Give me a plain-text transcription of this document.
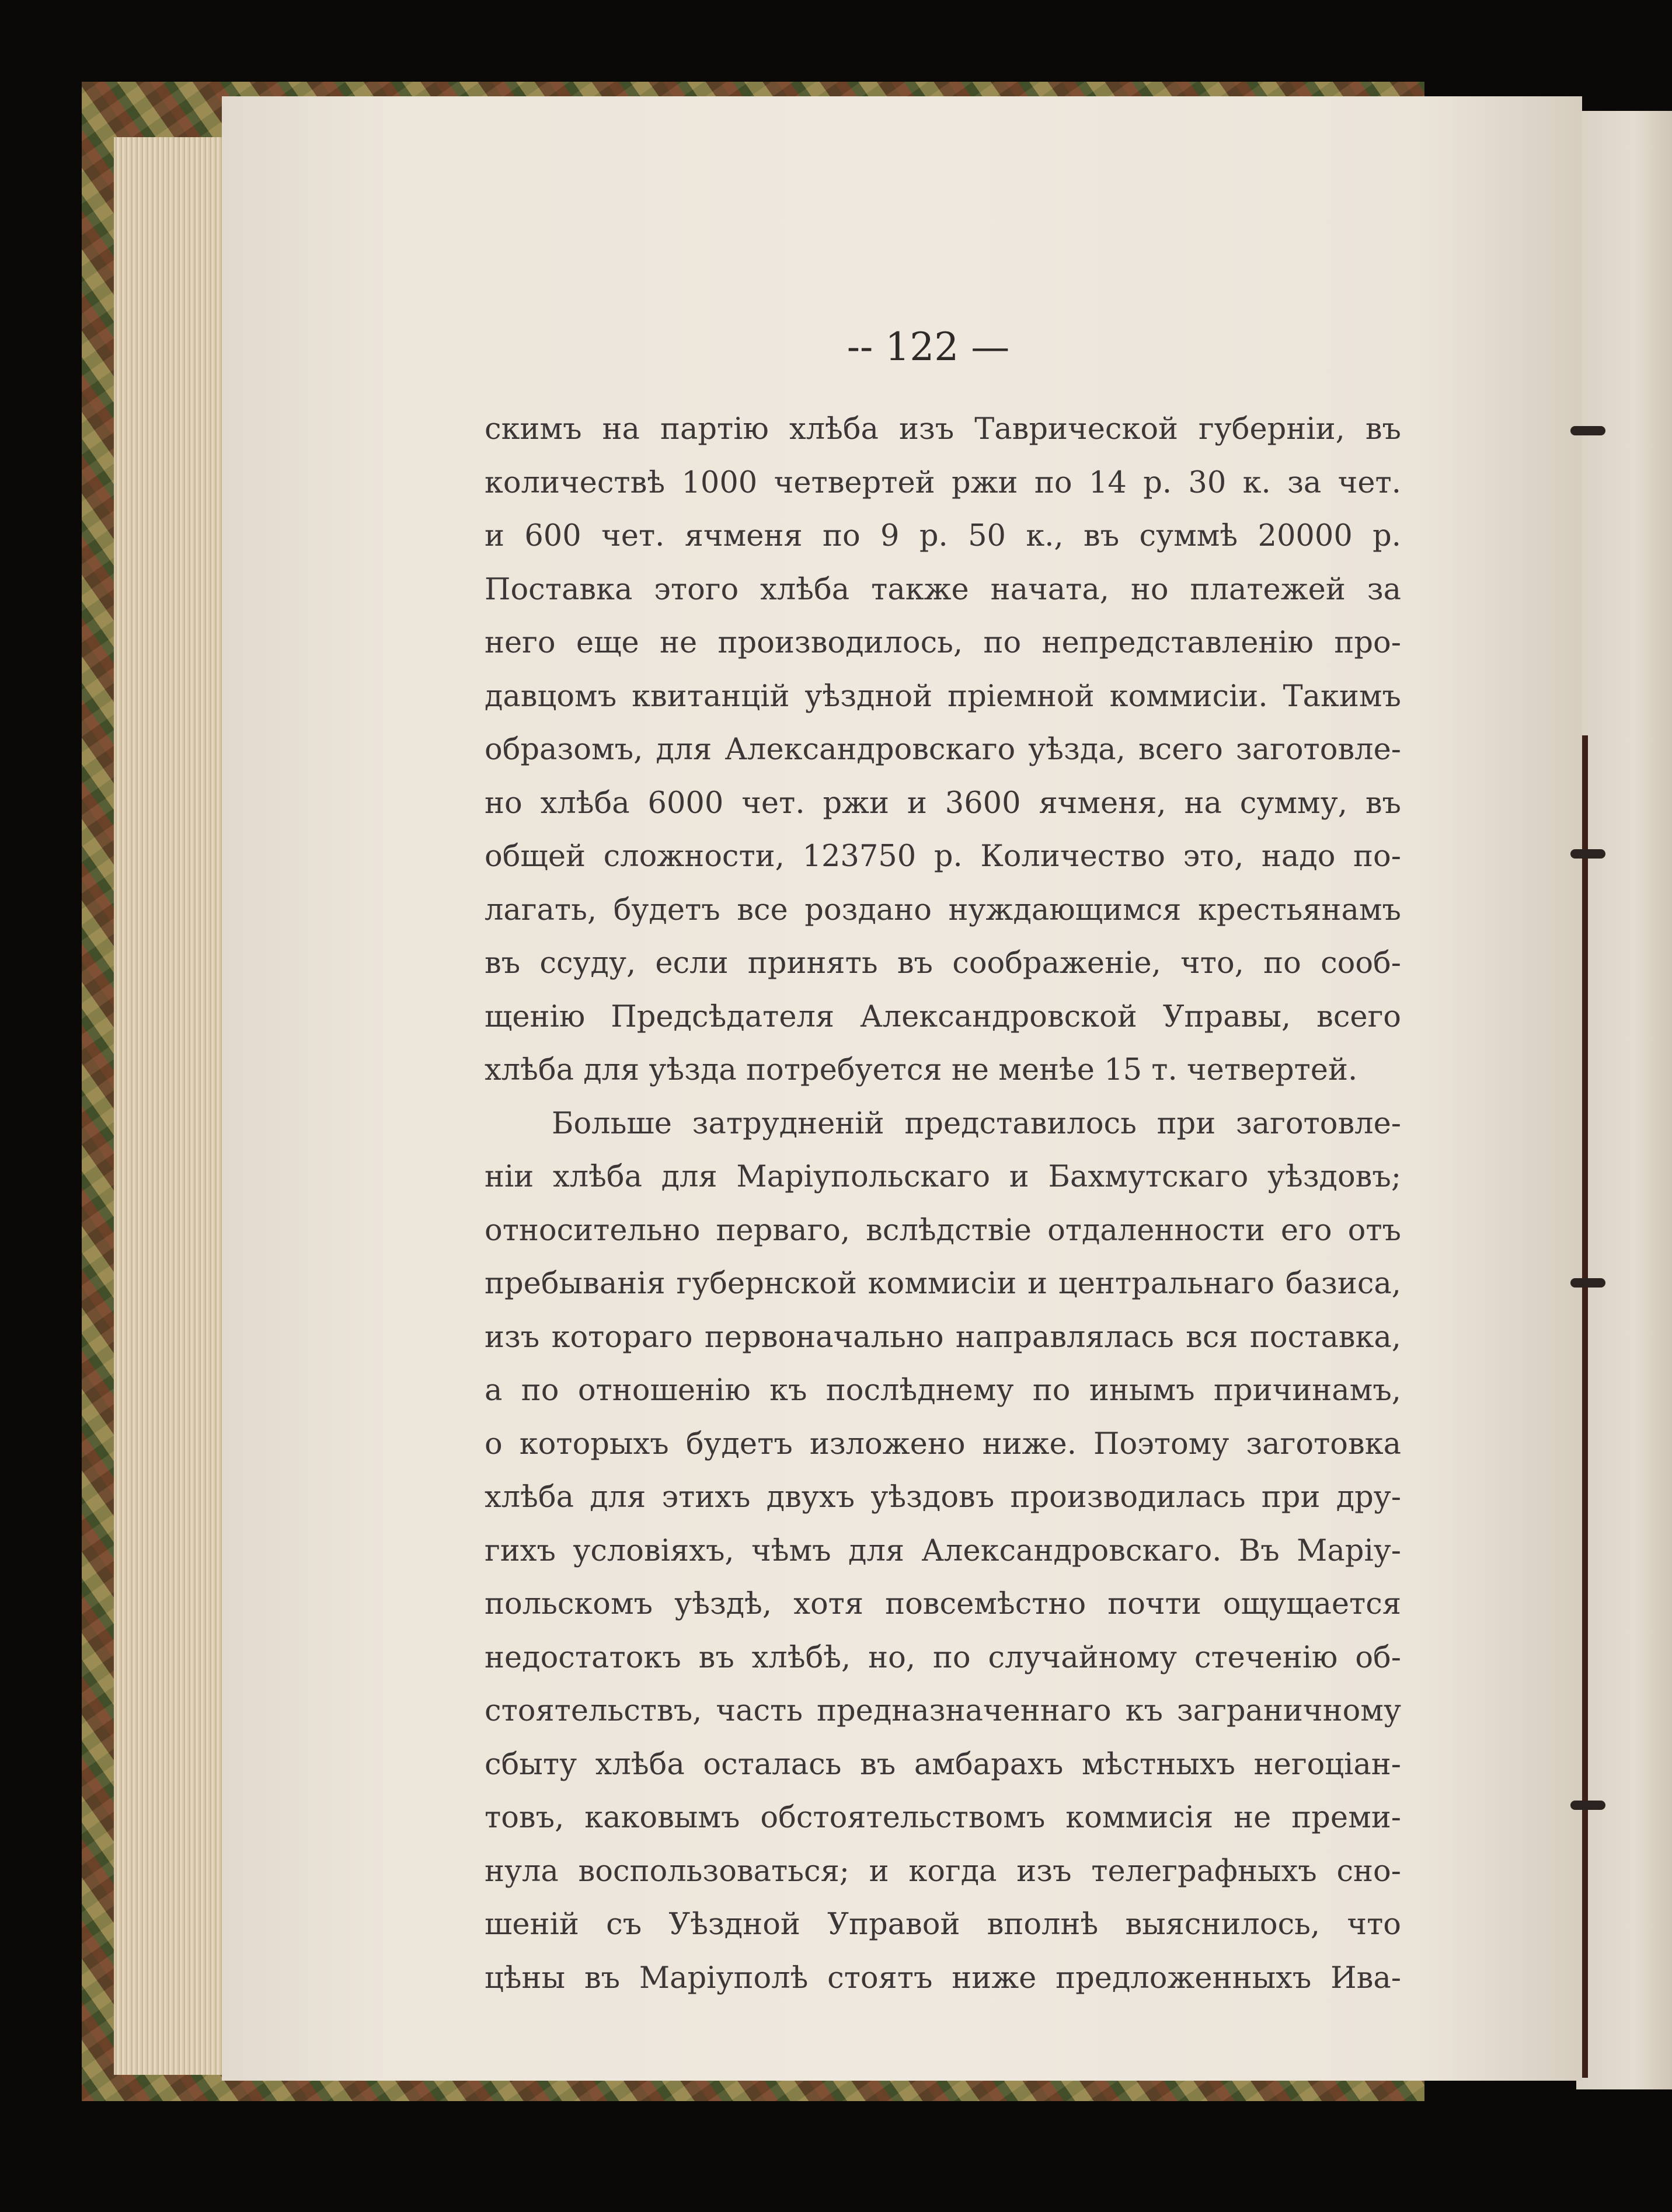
-- 122 —
скимъ на партію хлѣба изъ Таврической губерніи, въ
количествѣ 1000 четвертей ржи по 14 р. 30 к. за чет.
и 600 чет. ячменя по 9 р. 50 к., въ суммѣ 20000 р.
Поставка этого хлѣба также начата, но платежей за
него еще не производилось, по непредставленію про-
давцомъ квитанцій уѣздной пріемной коммисіи. Такимъ
образомъ, для Александровскаго уѣзда, всего заготовле-
но хлѣба 6000 чет. ржи и 3600 ячменя, на сумму, въ
общей сложности, 123750 р. Количество это, надо по-
лагать, будетъ все роздано нуждающимся крестьянамъ
въ ссуду, если принять въ соображеніе, что, по сооб-
щенію Предсѣдателя Александровской Управы, всего
хлѣба для уѣзда потребуется не менѣе 15 т. четвертей.
Больше затрудненій представилось при заготовле-
ніи хлѣба для Маріупольскаго и Бахмутскаго уѣздовъ;
относительно перваго, вслѣдствіе отдаленности его отъ
пребыванія губернской коммисіи и центральнаго базиса,
изъ котораго первоначально направлялась вся поставка,
а по отношенію къ послѣднему по инымъ причинамъ,
о которыхъ будетъ изложено ниже. Поэтому заготовка
хлѣба для этихъ двухъ уѣздовъ производилась при дру-
гихъ условіяхъ, чѣмъ для Александровскаго. Въ Маріу-
польскомъ уѣздѣ, хотя повсемѣстно почти ощущается
недостатокъ въ хлѣбѣ, но, по случайному стеченію об-
стоятельствъ, часть предназначеннаго къ заграничному
сбыту хлѣба осталась въ амбарахъ мѣстныхъ негоціан-
товъ, каковымъ обстоятельствомъ коммисія не преми-
нула воспользоваться; и когда изъ телеграфныхъ сно-
шеній съ Уѣздной Управой вполнѣ выяснилось, что
цѣны въ Маріуполѣ стоятъ ниже предложенныхъ Ива-
